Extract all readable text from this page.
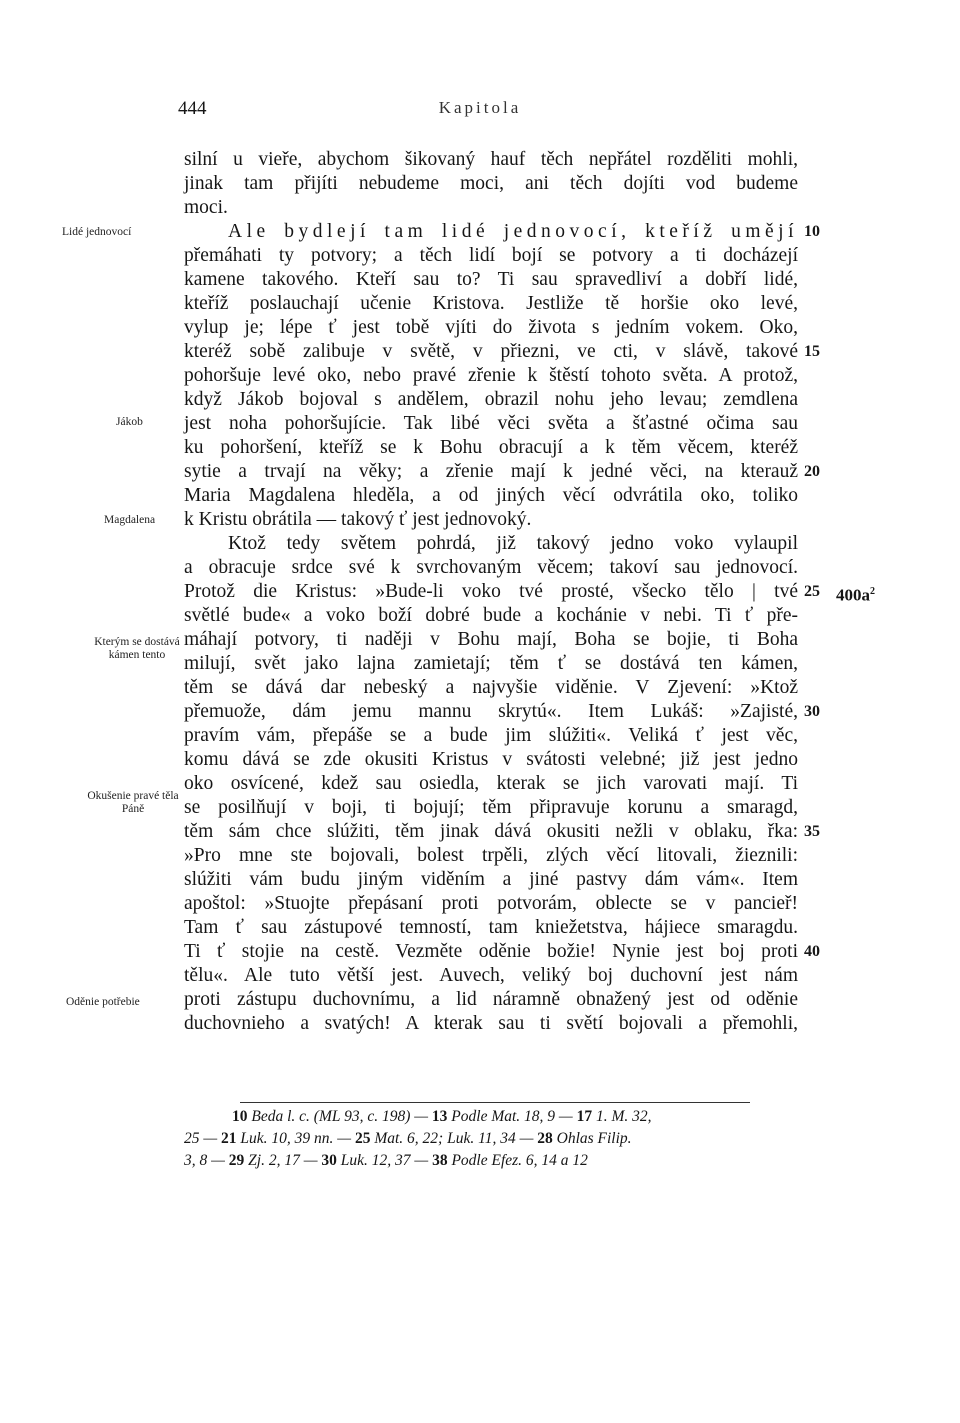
444	Kapitola
silní u vieře, abychom šikovaný hauf těch nepřátel rozděliti mohli,
jinak tam přijíti nebudeme moci, ani těch dojíti vod budeme
moci.
Ale bydlejí tam lidé jednovocí, kteříž umějí
přemáhati ty potvory; a těch lidí bojí se potvory a ti docházejí
kamene takového. Kteří sau to? Ti sau spravedliví a dobří lidé,
kteříž poslauchají učenie Kristova. Jestliže tě horšie oko levé,
vylup je; lépe ť jest tobě vjíti do života s jedním vokem. Oko,
kteréž sobě zalibuje v světě, v přiezni, ve cti, v slávě, takové
pohoršuje levé oko, nebo pravé zřenie k štěstí tohoto světa. A protož,
když Jákob bojoval s andělem, obrazil nohu jeho levau; zemdlena
jest noha pohoršujície. Tak libé věci světa a šťastné očima sau
ku pohoršení, kteříž se k Bohu obracují a k těm věcem, kteréž
sytie a trvají na věky; a zřenie mají k jedné věci, na kterauž
Maria Magdalena hleděla, a od jiných věcí odvrátila oko, toliko
k Kristu obrátila — takový ť jest jednovoký.
Ktož tedy světem pohrdá, již takový jedno voko vylaupil
a obracuje srdce své k svrchovaným věcem; takoví sau jednovocí.
Protož die Kristus: »Bude-li voko tvé prosté, všecko tělo | tvé
světlé bude« a voko boží dobré bude a kochánie v nebi. Ti ť pře-
máhají potvory, ti naději v Bohu mají, Boha se bojie, ti Boha
milují, svět jako lajna zamietají; těm ť se dostává ten kámen,
těm se dává dar nebeský a najvyšie viděnie. V Zjevení: »Ktož
přemuože, dám jemu mannu skrytú«. Item Lukáš: »Zajisté,
pravím vám, přepáše se a bude jim slúžiti«. Veliká ť jest věc,
komu dává se zde okusiti Kristus v svátosti velebné; již jest jedno
oko osvícené, kdež sau osiedla, kterak se jich varovati mají. Ti
se posilňují v boji, ti bojují; těm připravuje korunu a smaragd,
těm sám chce slúžiti, těm jinak dává okusiti nežli v oblaku, řka:
»Pro mne ste bojovali, bolest trpěli, zlých věcí litovali, žieznili:
slúžiti vám budu jiným viděním a jiné pastvy dám vám«. Item
apoštol: »Stuojte přepásaní proti potvorám, oblecte se v pancieř!
Tam ť sau zástupové temností, tam kniežetstva, hájiece smaragdu.
Ti ť stojie na cestě. Vezměte oděnie božie! Nynie jest boj proti
tělu«. Ale tuto větší jest. Auvech, veliký boj duchovní jest nám
proti zástupu duchovnímu, a lid náramně obnažený jest od oděnie
duchovnieho a svatých! A kterak sau ti světí bojovali a přemohli,
10
15
20
25
30
35
40
$400a^2$
Lidé jednovocí
Jákob
Magdalena
Kterým se dostává kámen tento
Okušenie pravé těla Páně
Oděnie potřebie
10 Beda l. c. (ML 93, c. 198) — 13 Podle Mat. 18, 9 — 17 1. M. 32,
25 — 21 Luk. 10, 39 nn. — 25 Mat. 6, 22; Luk. 11, 34 — 28 Ohlas Filip.
3, 8 — 29 Zj. 2, 17 — 30 Luk. 12, 37 — 38 Podle Efez. 6, 14 a 12
